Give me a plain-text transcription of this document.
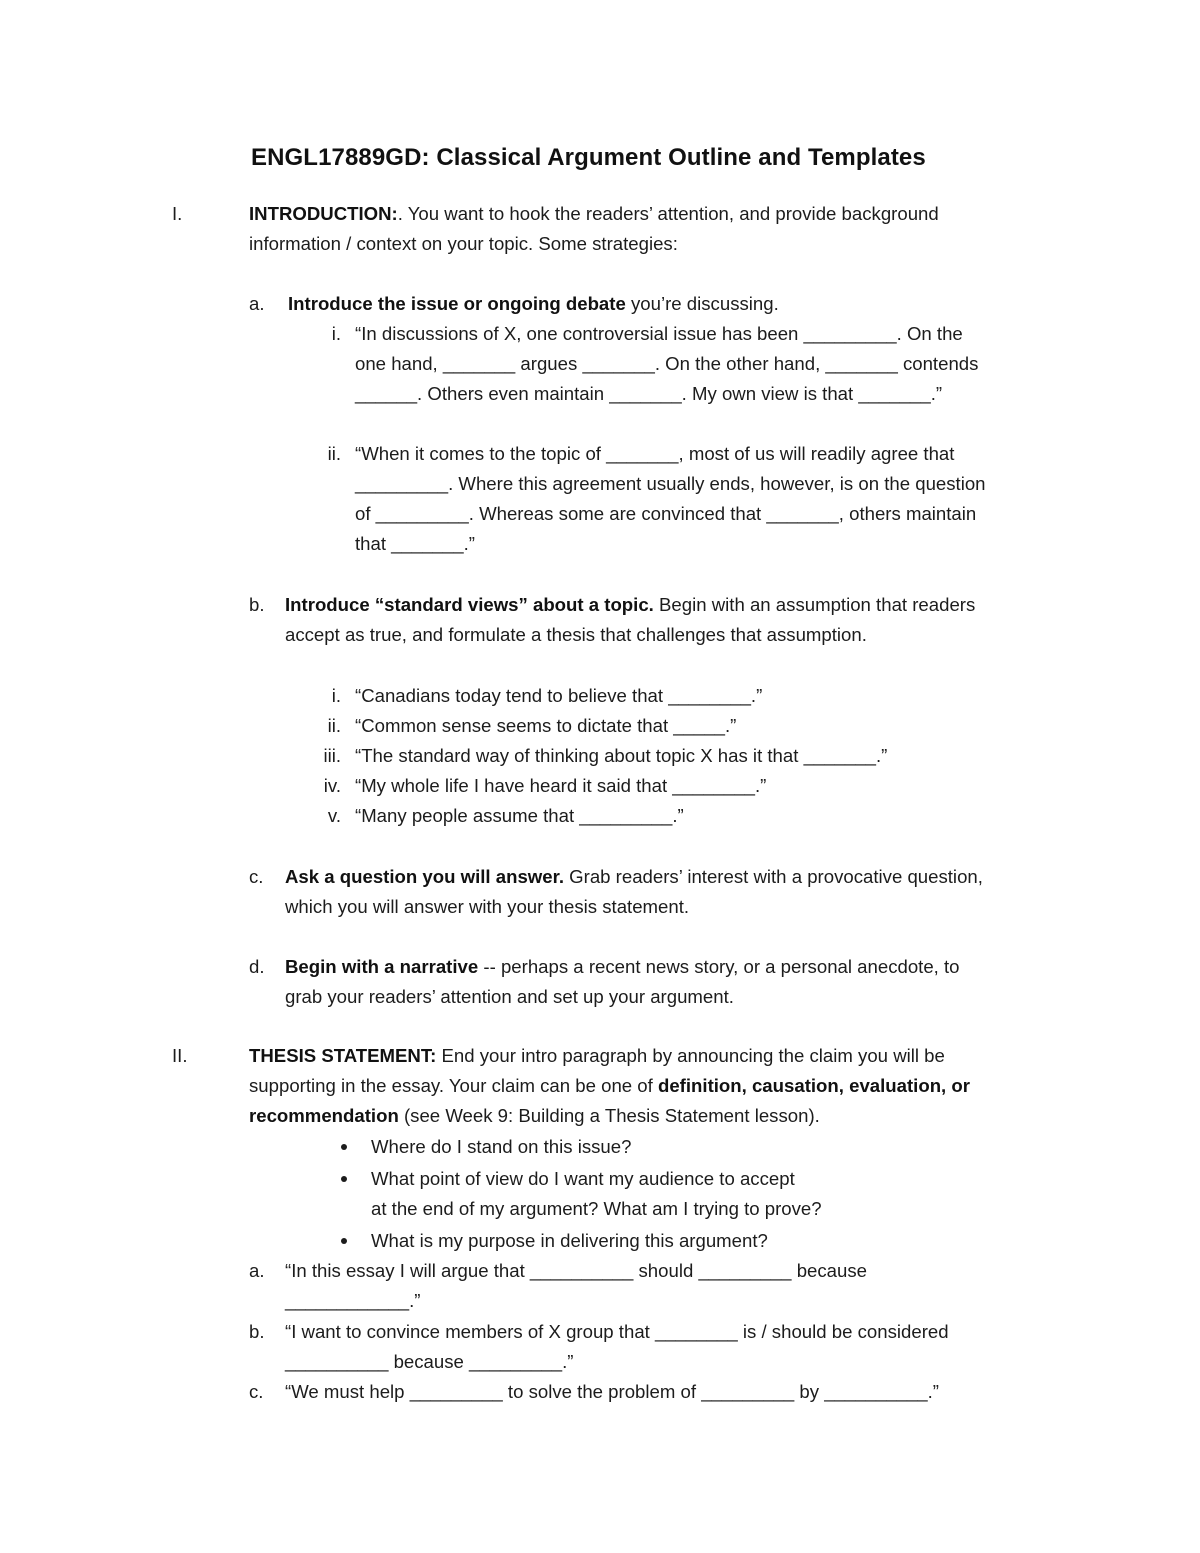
ENGL17889GD: Classical Argument Outline and Templates
I.	INTRODUCTION:. You want to hook the readers’ attention, and provide background
information / context on your topic. Some strategies:
a. Introduce the issue or ongoing debate you’re discussing.
i. “In discussions of X, one controversial issue has been _________. On the
one hand, _______ argues _______. On the other hand, _______ contends
______. Others even maintain _______. My own view is that _______.”
ii. “When it comes to the topic of _______, most of us will readily agree that
_________. Where this agreement usually ends, however, is on the question
of _________. Whereas some are convinced that _______, others maintain
that _______.”
b. Introduce “standard views” about a topic. Begin with an assumption that readers
accept as true, and formulate a thesis that challenges that assumption.
i. “Canadians today tend to believe that ________.”
ii. “Common sense seems to dictate that _____.”
iii. “The standard way of thinking about topic X has it that _______.”
iv. “My whole life I have heard it said that ________.”
v. “Many people assume that _________.”
c. Ask a question you will answer. Grab readers’ interest with a provocative question,
which you will answer with your thesis statement.
d. Begin with a narrative -- perhaps a recent news story, or a personal anecdote, to
grab your readers’ attention and set up your argument.
II.	THESIS STATEMENT: End your intro paragraph by announcing the claim you will be
supporting in the essay. Your claim can be one of definition, causation, evaluation, or
recommendation (see Week 9: Building a Thesis Statement lesson).
Where do I stand on this issue?
What point of view do I want my audience to accept
at the end of my argument? What am I trying to prove?
What is my purpose in delivering this argument?
a. “In this essay I will argue that __________ should _________ because
____________.”
b. “I want to convince members of X group that ________ is / should be considered
__________ because _________.”
c. “We must help _________ to solve the problem of _________ by __________.”
